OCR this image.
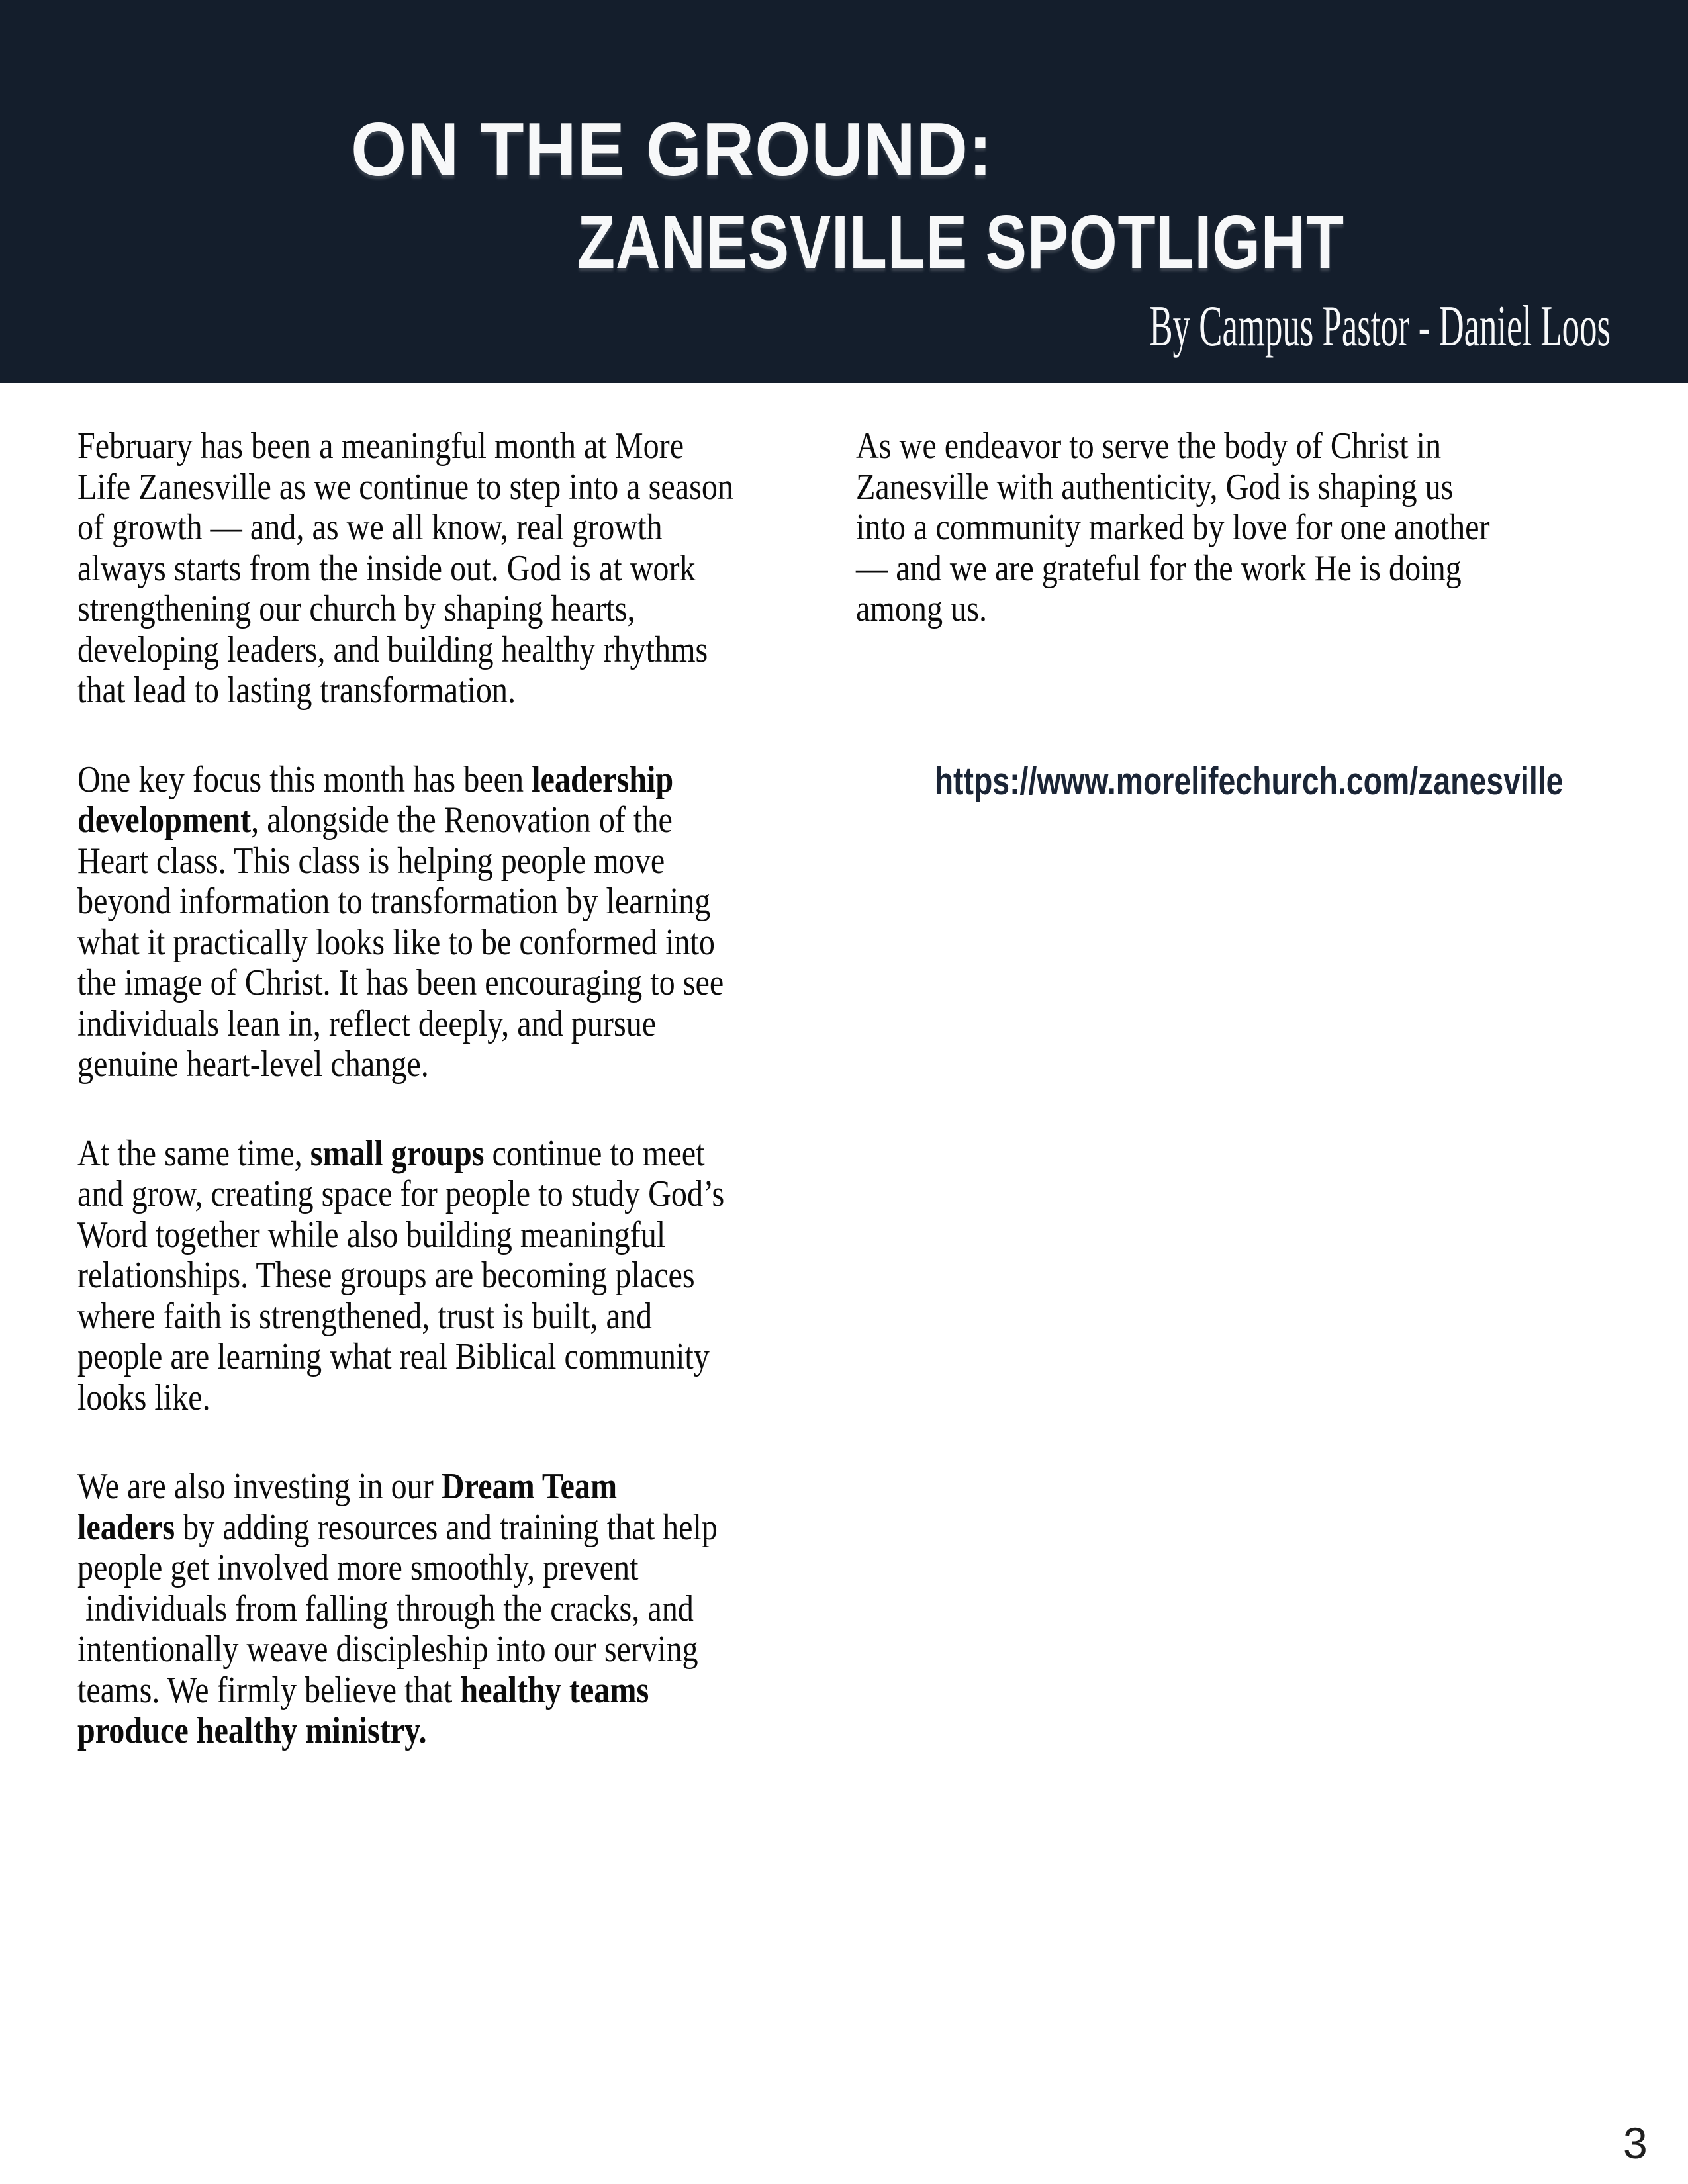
ON THE GROUND:
ZANESVILLE SPOTLIGHT
By Campus Pastor - Daniel Loos
February has been a meaningful month at More
Life Zanesville as we continue to step into a season
of growth — and, as we all know, real growth
always starts from the inside out. God is at work
strengthening our church by shaping hearts,
developing leaders, and building healthy rhythms
that lead to lasting transformation.
One key focus this month has been leadership
development, alongside the Renovation of the
Heart class. This class is helping people move
beyond information to transformation by learning
what it practically looks like to be conformed into
the image of Christ. It has been encouraging to see
individuals lean in, reflect deeply, and pursue
genuine heart-level change.
At the same time, small groups continue to meet
and grow, creating space for people to study God’s
Word together while also building meaningful
relationships. These groups are becoming places
where faith is strengthened, trust is built, and
people are learning what real Biblical community
looks like.
We are also investing in our Dream Team
leaders by adding resources and training that help
people get involved more smoothly, prevent
individuals from falling through the cracks, and
intentionally weave discipleship into our serving
teams. We firmly believe that healthy teams
produce healthy ministry.
As we endeavor to serve the body of Christ in
Zanesville with authenticity, God is shaping us
into a community marked by love for one another
— and we are grateful for the work He is doing
among us.
https://www.morelifechurch.com/zanesville
3
